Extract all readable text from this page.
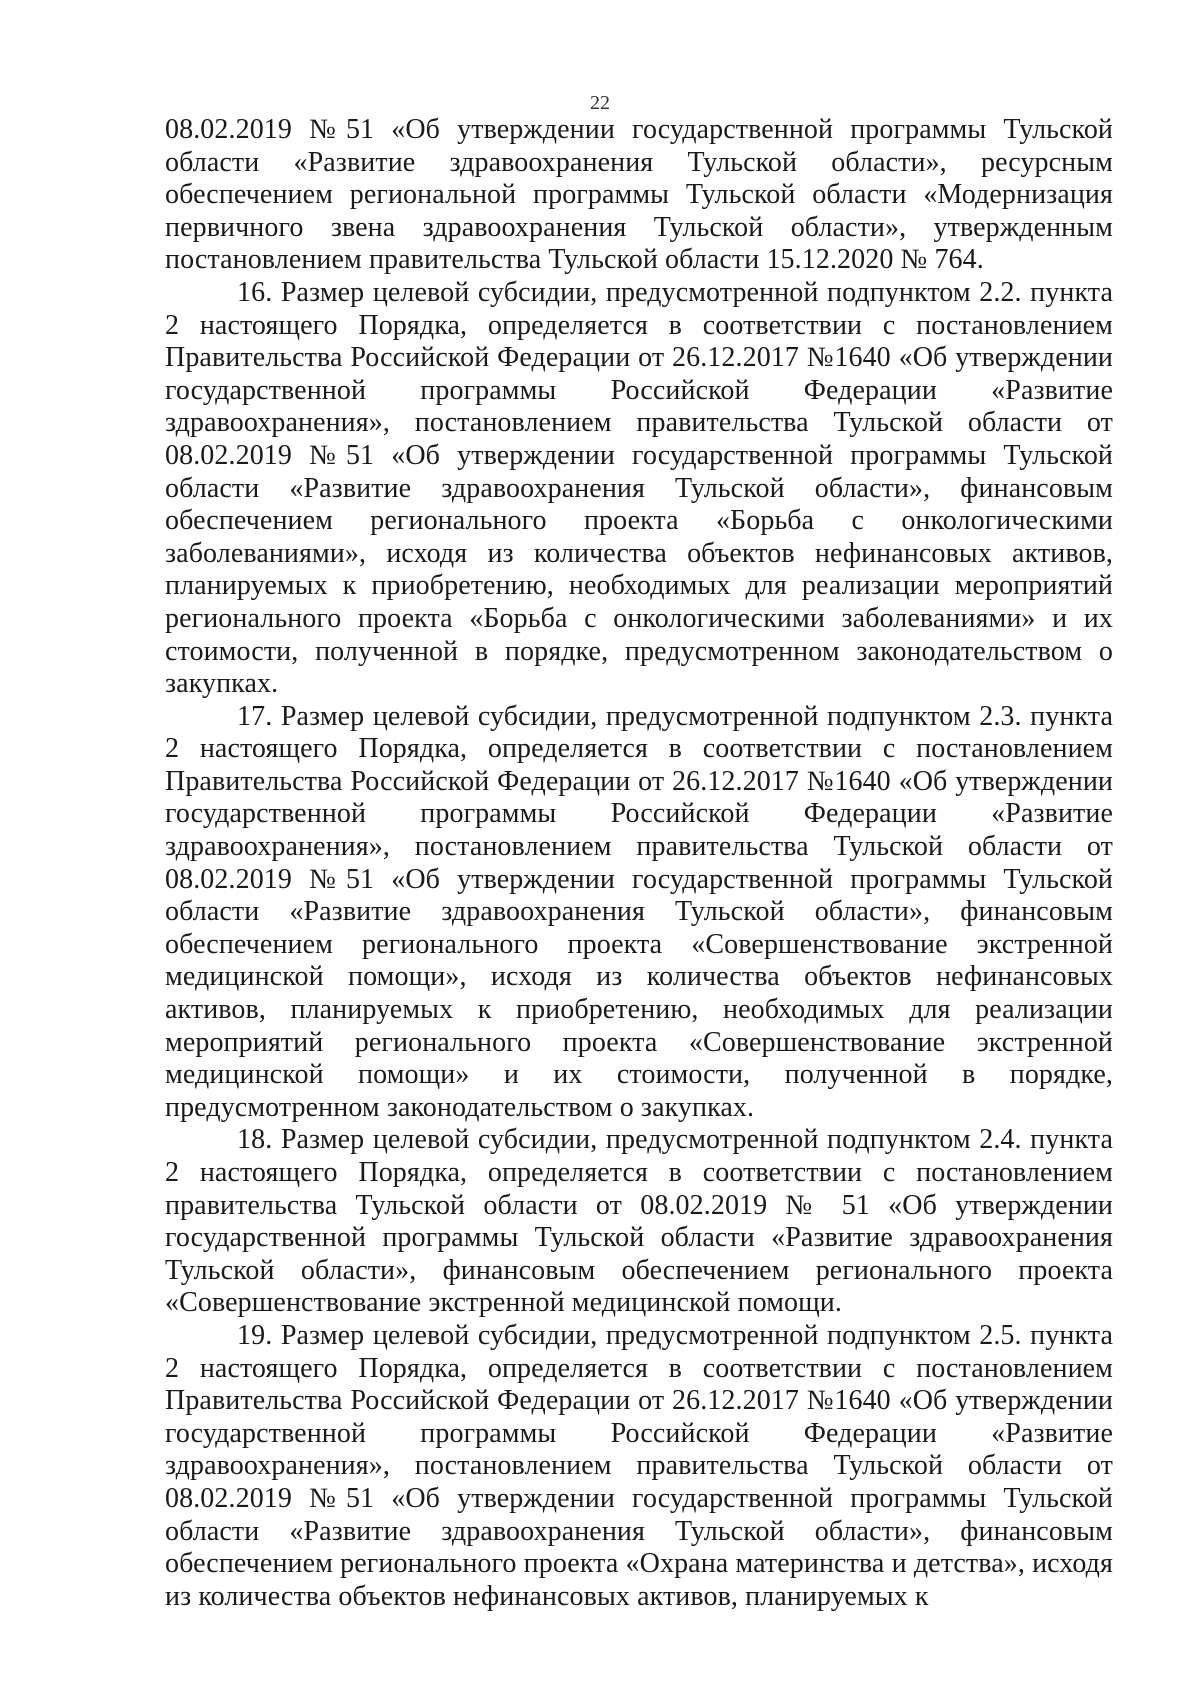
22

08.02.2019 №51 «Об утверждении государственной программы Тульской области «Развитие здравоохранения Тульской области», ресурсным обеспечением региональной программы Тульской области «Модернизация первичного звена здравоохранения Тульской области», утвержденным постановлением правительства Тульской области 15.12.2020 № 764.

16. Размер целевой субсидии, предусмотренной подпунктом 2.2. пункта 2 настоящего Порядка, определяется в соответствии с постановлением Правительства Российской Федерации от 26.12.2017 №1640 «Об утверждении государственной программы Российской Федерации «Развитие здравоохранения», постановлением правительства Тульской области от 08.02.2019 №51 «Об утверждении государственной программы Тульской области «Развитие здравоохранения Тульской области», финансовым обеспечением регионального проекта «Борьба с онкологическими заболеваниями», исходя из количества объектов нефинансовых активов, планируемых к приобретению, необходимых для реализации мероприятий регионального проекта «Борьба с онкологическими заболеваниями» и их стоимости, полученной в порядке, предусмотренном законодательством о закупках.

17. Размер целевой субсидии, предусмотренной подпунктом 2.3. пункта 2 настоящего Порядка, определяется в соответствии с постановлением Правительства Российской Федерации от 26.12.2017 №1640 «Об утверждении государственной программы Российской Федерации «Развитие здравоохранения», постановлением правительства Тульской области от 08.02.2019 №51 «Об утверждении государственной программы Тульской области «Развитие здравоохранения Тульской области», финансовым обеспечением регионального проекта «Совершенствование экстренной медицинской помощи», исходя из количества объектов нефинансовых активов, планируемых к приобретению, необходимых для реализации мероприятий регионального проекта «Совершенствование экстренной медицинской помощи» и их стоимости, полученной в порядке, предусмотренном законодательством о закупках.

18. Размер целевой субсидии, предусмотренной подпунктом 2.4. пункта 2 настоящего Порядка, определяется в соответствии с постановлением правительства Тульской области от 08.02.2019 № 51 «Об утверждении государственной программы Тульской области «Развитие здравоохранения Тульской области», финансовым обеспечением регионального проекта «Совершенствование экстренной медицинской помощи.

19. Размер целевой субсидии, предусмотренной подпунктом 2.5. пункта 2 настоящего Порядка, определяется в соответствии с постановлением Правительства Российской Федерации от 26.12.2017 №1640 «Об утверждении государственной программы Российской Федерации «Развитие здравоохранения», постановлением правительства Тульской области от 08.02.2019 №51 «Об утверждении государственной программы Тульской области «Развитие здравоохранения Тульской области», финансовым обеспечением регионального проекта «Охрана материнства и детства», исходя из количества объектов нефинансовых активов, планируемых к
